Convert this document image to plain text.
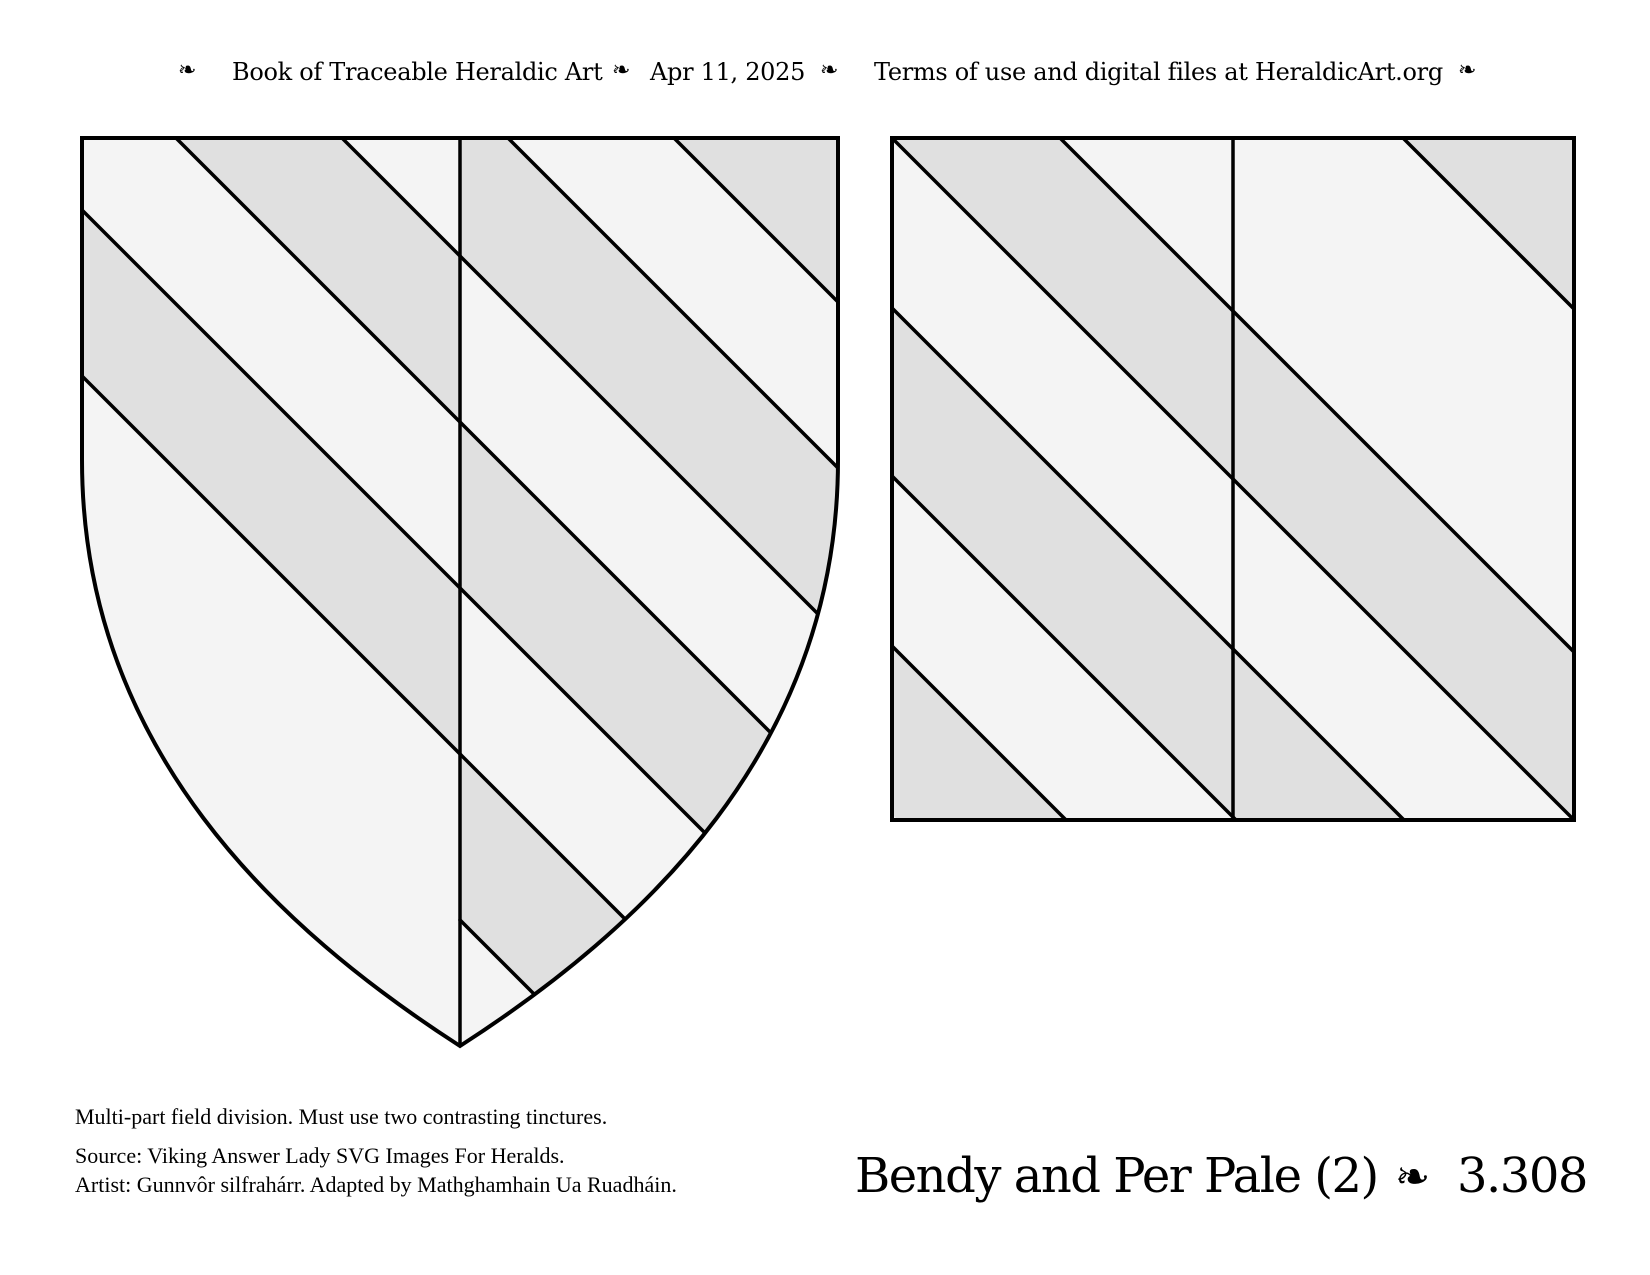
❧ Book of Traceable Heraldic Art ❧ Apr 11, 2025 ❧ Terms of use and digital files at HeraldicArt.org ❧
Multi-part field division. Must use two contrasting tinctures.
Source: Viking Answer Lady SVG Images For Heralds.
Artist: Gunnvôr silfrahárr. Adapted by Mathghamhain Ua Ruadháin.	Bendy and Per Pale (2) ❧ 3.308
